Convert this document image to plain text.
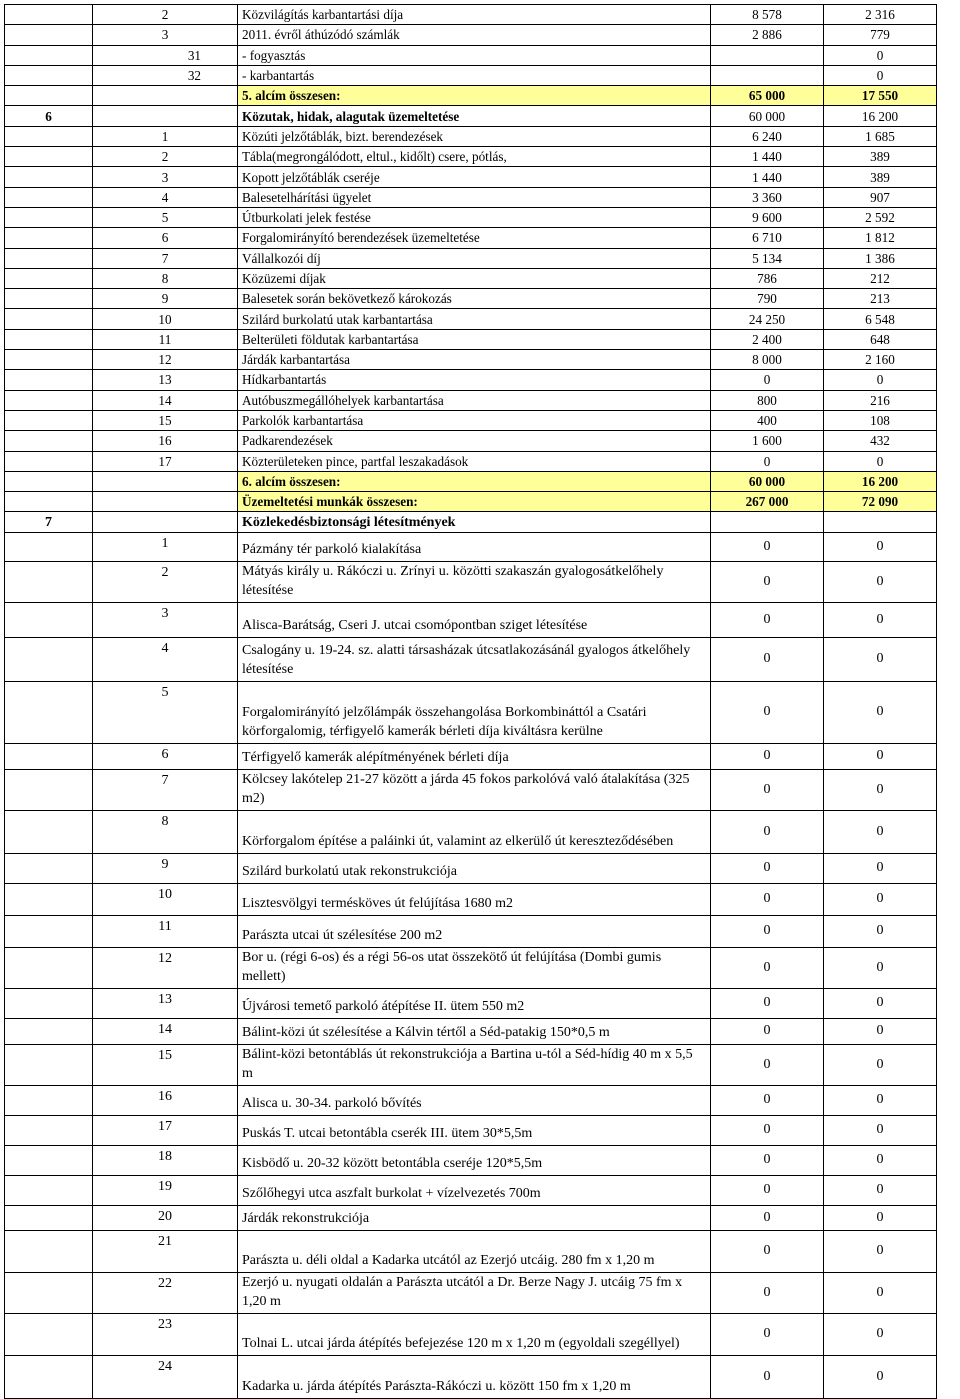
	2	Közvilágítás karbantartási díja	8 578	2 316
	3	2011. évről áthúzódó számlák	2 886	779
	31	- fogyasztás		0
	32	- karbantartás		0
		5. alcím összesen:	65 000	17 550
6		Közutak, hidak, alagutak üzemeltetése	60 000	16 200
	1	Közúti jelzőtáblák, bizt. berendezések	6 240	1 685
	2	Tábla(megrongálódott, eltul., kidőlt) csere, pótlás,	1 440	389
	3	Kopott jelzőtáblák cseréje	1 440	389
	4	Balesetelhárítási ügyelet	3 360	907
	5	Útburkolati jelek festése	9 600	2 592
	6	Forgalomirányító berendezések üzemeltetése	6 710	1 812
	7	Vállalkozói díj	5 134	1 386
	8	Közüzemi díjak	786	212
	9	Balesetek során bekövetkező károkozás	790	213
	10	Szilárd burkolatú utak karbantartása	24 250	6 548
	11	Belterületi földutak karbantartása	2 400	648
	12	Járdák karbantartása	8 000	2 160
	13	Hídkarbantartás	0	0
	14	Autóbuszmegállóhelyek karbantartása	800	216
	15	Parkolók karbantartása	400	108
	16	Padkarendezések	1 600	432
	17	Közterületeken pince, partfal leszakadások	0	0
		6. alcím összesen:	60 000	16 200
		Üzemeltetési munkák összesen:	267 000	72 090
7		Közlekedésbiztonsági létesítmények		
	1	Pázmány tér parkoló kialakítása	0	0
	2	Mátyás király u. Rákóczi u. Zrínyi u. közötti szakaszán gyalogosátkelőhely létesítése	0	0
	3	Alisca-Barátság, Cseri J. utcai csomópontban sziget létesítése	0	0
	4	Csalogány u. 19-24. sz. alatti társasházak útcsatlakozásánál gyalogos átkelőhely létesítése	0	0
	5	Forgalomirányító jelzőlámpák összehangolása Borkombináttól a Csatári körforgalomig, térfigyelő kamerák bérleti díja kiváltásra kerülne	0	0
	6	Térfigyelő kamerák alépítményének bérleti díja	0	0
	7	Kölcsey lakótelep 21-27 között a járda 45 fokos parkolóvá való átalakítása (325 m2)	0	0
	8	Körforgalom építése a paláinki út, valamint az elkerülő út kereszteződésében	0	0
	9	Szilárd burkolatú utak rekonstrukciója	0	0
	10	Lisztesvölgyi termésköves út felújítása 1680 m2	0	0
	11	Parászta utcai út szélesítése 200 m2	0	0
	12	Bor u. (régi 6-os) és a régi 56-os utat összekötő út felújítása (Dombi gumis mellett)	0	0
	13	Újvárosi temető parkoló átépítése II. ütem 550 m2	0	0
	14	Bálint-közi út szélesítése a Kálvin tértől a Séd-patakig 150*0,5 m	0	0
	15	Bálint-közi betontáblás út rekonstrukciója a Bartina u-tól a Séd-hídig 40 m x 5,5 m	0	0
	16	Alisca u. 30-34. parkoló bővítés	0	0
	17	Puskás T. utcai betontábla cserék III. ütem 30*5,5m	0	0
	18	Kisbödő u. 20-32 között betontábla cseréje 120*5,5m	0	0
	19	Szőlőhegyi utca aszfalt burkolat + vízelvezetés 700m	0	0
	20	Járdák rekonstrukciója	0	0
	21	Parászta u. déli oldal a Kadarka utcától az Ezerjó utcáig. 280 fm x 1,20 m	0	0
	22	Ezerjó u. nyugati oldalán a Parászta utcától a Dr. Berze Nagy J. utcáig 75 fm x 1,20 m	0	0
	23	Tolnai L. utcai járda átépítés befejezése 120 m x 1,20 m (egyoldali szegéllyel)	0	0
	24	Kadarka u. járda átépítés Parászta-Rákóczi u. között 150 fm x 1,20 m	0	0
